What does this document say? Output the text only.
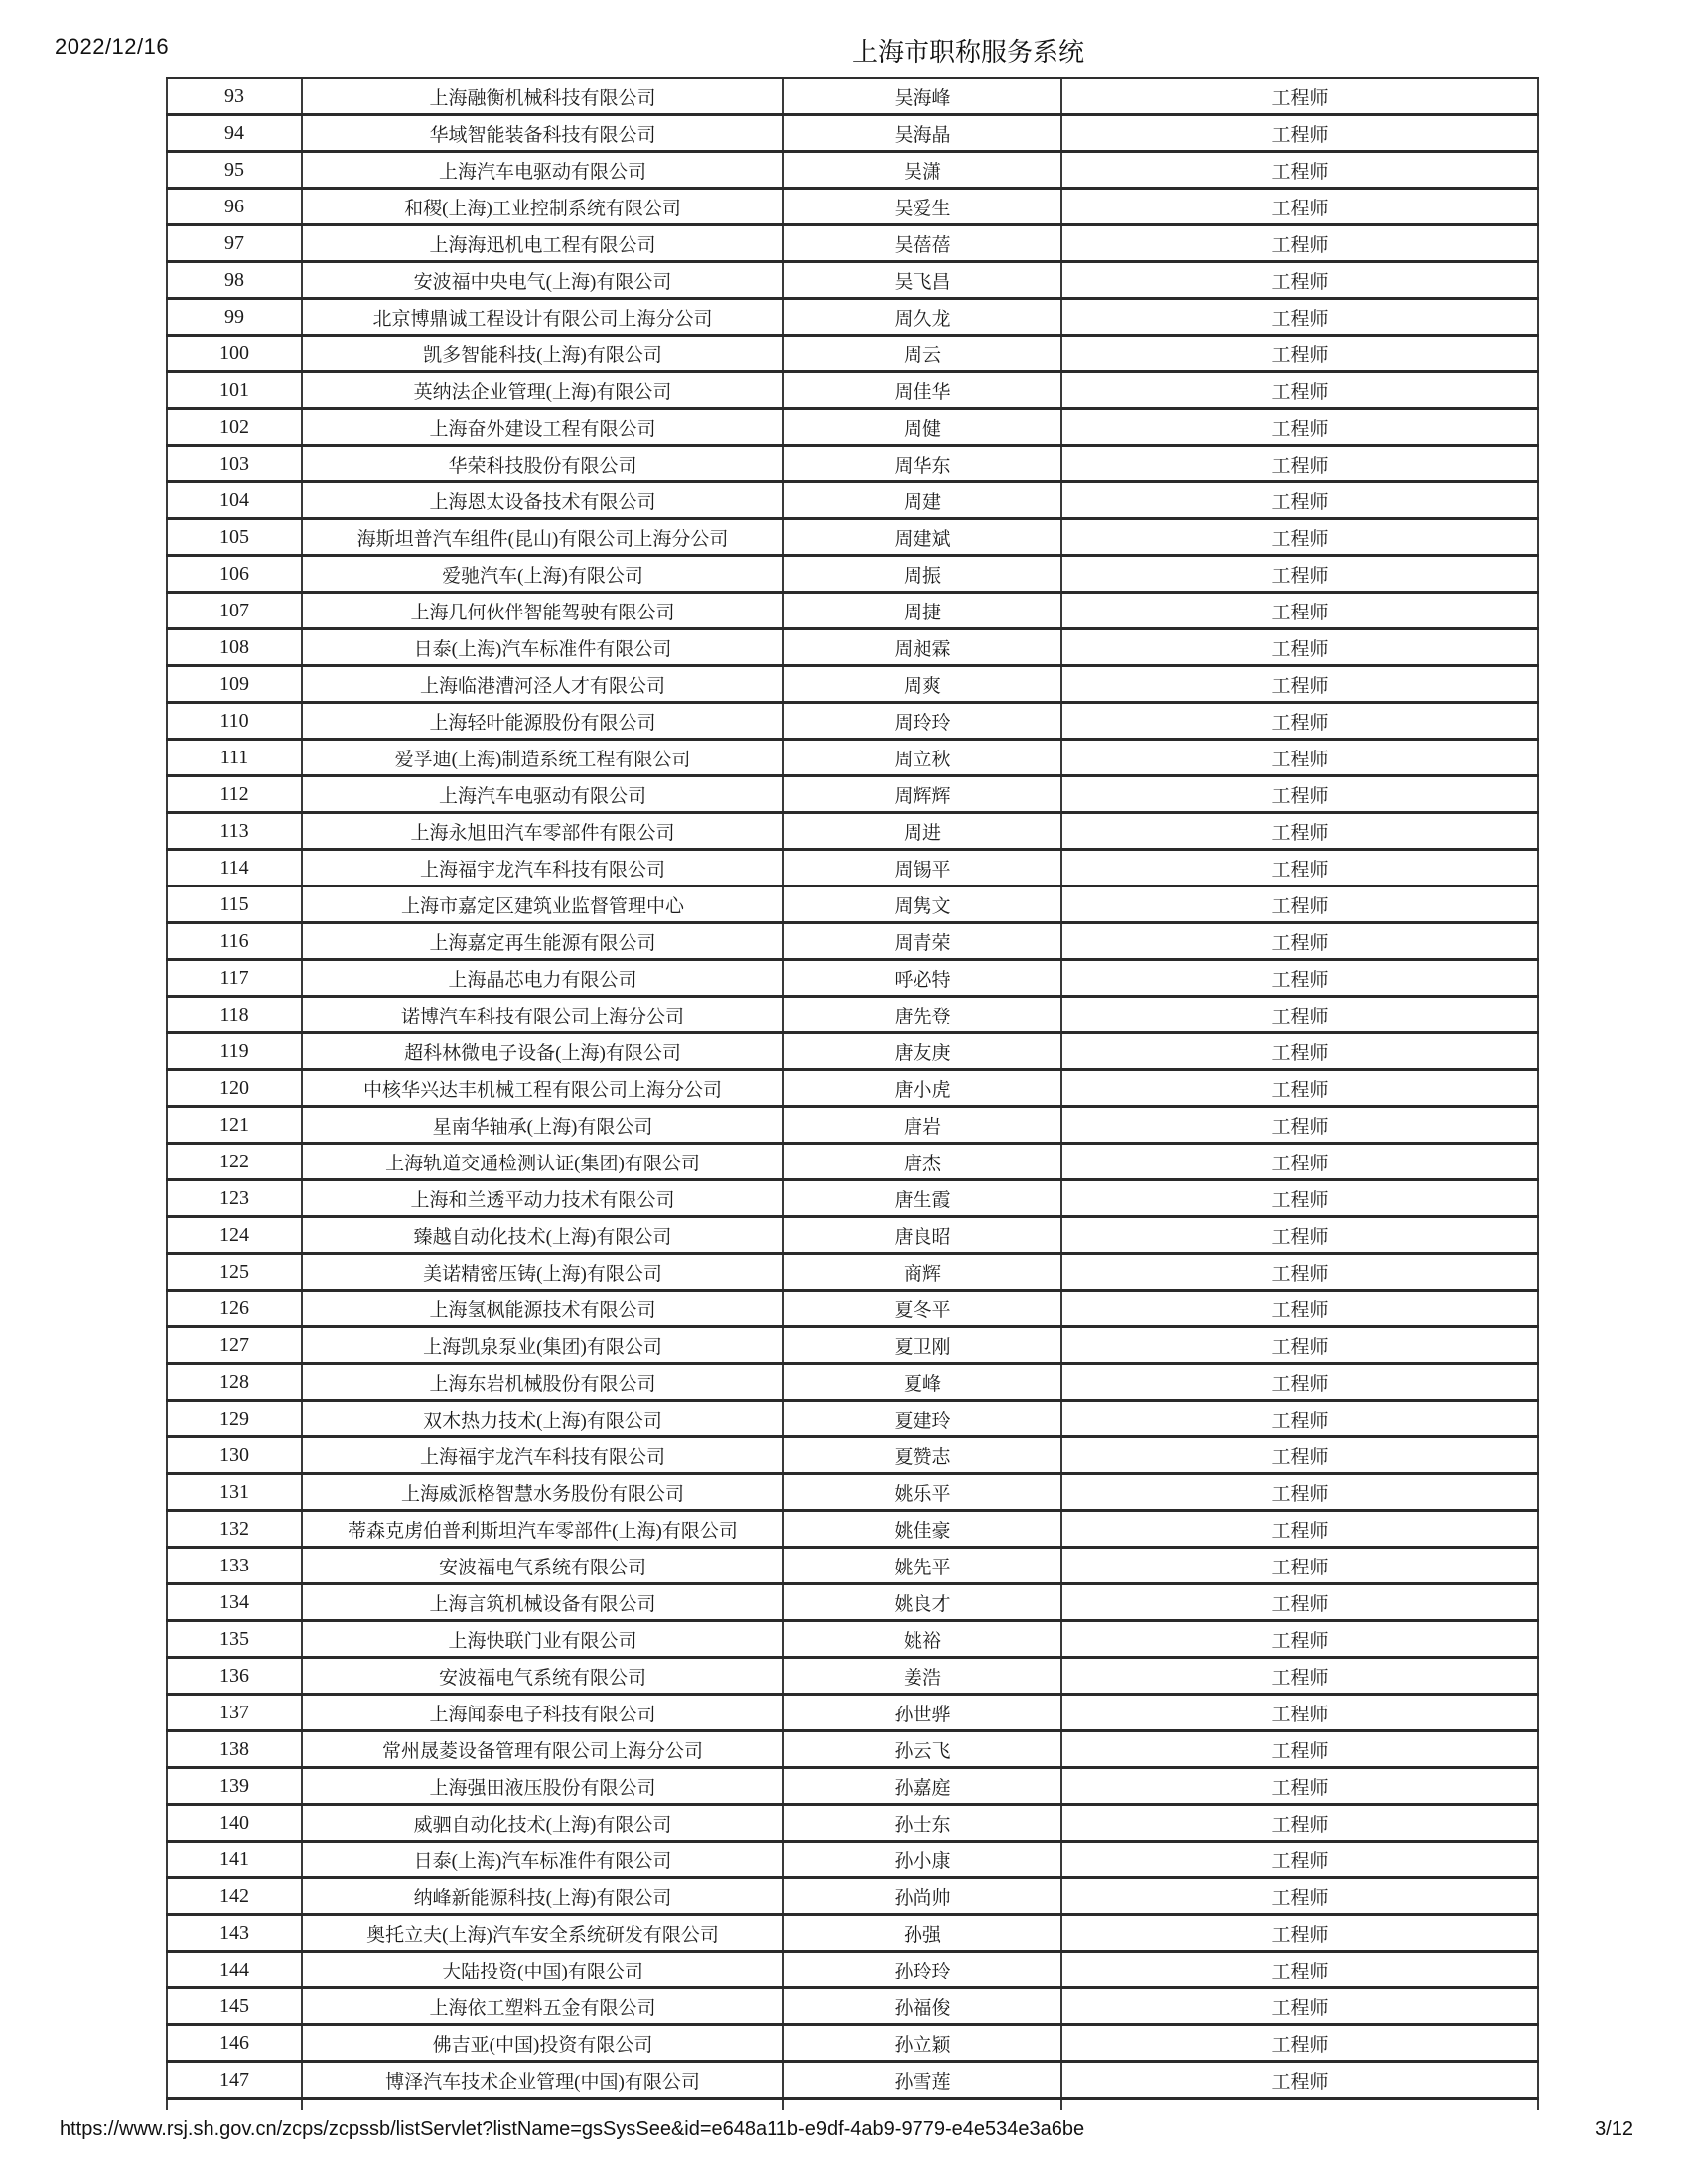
2022/12/16	上海市职称服务系统
93	上海融衡机械科技有限公司	吴海峰	工程师
94	华域智能装备科技有限公司	吴海晶	工程师
95	上海汽车电驱动有限公司	吴潇	工程师
96	和稷(上海)工业控制系统有限公司	吴爱生	工程师
97	上海海迅机电工程有限公司	吴蓓蓓	工程师
98	安波福中央电气(上海)有限公司	吴飞昌	工程师
99	北京博鼎诚工程设计有限公司上海分公司	周久龙	工程师
100	凯多智能科技(上海)有限公司	周云	工程师
101	英纳法企业管理(上海)有限公司	周佳华	工程师
102	上海奋外建设工程有限公司	周健	工程师
103	华荣科技股份有限公司	周华东	工程师
104	上海恩太设备技术有限公司	周建	工程师
105	海斯坦普汽车组件(昆山)有限公司上海分公司	周建斌	工程师
106	爱驰汽车(上海)有限公司	周振	工程师
107	上海几何伙伴智能驾驶有限公司	周捷	工程师
108	日泰(上海)汽车标准件有限公司	周昶霖	工程师
109	上海临港漕河泾人才有限公司	周爽	工程师
110	上海轻叶能源股份有限公司	周玲玲	工程师
111	爱孚迪(上海)制造系统工程有限公司	周立秋	工程师
112	上海汽车电驱动有限公司	周辉辉	工程师
113	上海永旭田汽车零部件有限公司	周进	工程师
114	上海福宇龙汽车科技有限公司	周锡平	工程师
115	上海市嘉定区建筑业监督管理中心	周隽文	工程师
116	上海嘉定再生能源有限公司	周青荣	工程师
117	上海晶芯电力有限公司	呼必特	工程师
118	诺博汽车科技有限公司上海分公司	唐先登	工程师
119	超科林微电子设备(上海)有限公司	唐友庚	工程师
120	中核华兴达丰机械工程有限公司上海分公司	唐小虎	工程师
121	星南华轴承(上海)有限公司	唐岩	工程师
122	上海轨道交通检测认证(集团)有限公司	唐杰	工程师
123	上海和兰透平动力技术有限公司	唐生霞	工程师
124	臻越自动化技术(上海)有限公司	唐良昭	工程师
125	美诺精密压铸(上海)有限公司	商辉	工程师
126	上海氢枫能源技术有限公司	夏冬平	工程师
127	上海凯泉泵业(集团)有限公司	夏卫刚	工程师
128	上海东岩机械股份有限公司	夏峰	工程师
129	双木热力技术(上海)有限公司	夏建玲	工程师
130	上海福宇龙汽车科技有限公司	夏赞志	工程师
131	上海威派格智慧水务股份有限公司	姚乐平	工程师
132	蒂森克虏伯普利斯坦汽车零部件(上海)有限公司	姚佳豪	工程师
133	安波福电气系统有限公司	姚先平	工程师
134	上海言筑机械设备有限公司	姚良才	工程师
135	上海快联门业有限公司	姚裕	工程师
136	安波福电气系统有限公司	姜浩	工程师
137	上海闻泰电子科技有限公司	孙世骅	工程师
138	常州晟菱设备管理有限公司上海分公司	孙云飞	工程师
139	上海强田液压股份有限公司	孙嘉庭	工程师
140	威驷自动化技术(上海)有限公司	孙士东	工程师
141	日泰(上海)汽车标准件有限公司	孙小康	工程师
142	纳峰新能源科技(上海)有限公司	孙尚帅	工程师
143	奥托立夫(上海)汽车安全系统研发有限公司	孙强	工程师
144	大陆投资(中国)有限公司	孙玲玲	工程师
145	上海依工塑料五金有限公司	孙福俊	工程师
146	佛吉亚(中国)投资有限公司	孙立颖	工程师
147	博泽汽车技术企业管理(中国)有限公司	孙雪莲	工程师
https://www.rsj.sh.gov.cn/zcps/zcpssb/listServlet?listName=gsSysSee&id=e648a11b-e9df-4ab9-9779-e4e534e3a6be	3/12
